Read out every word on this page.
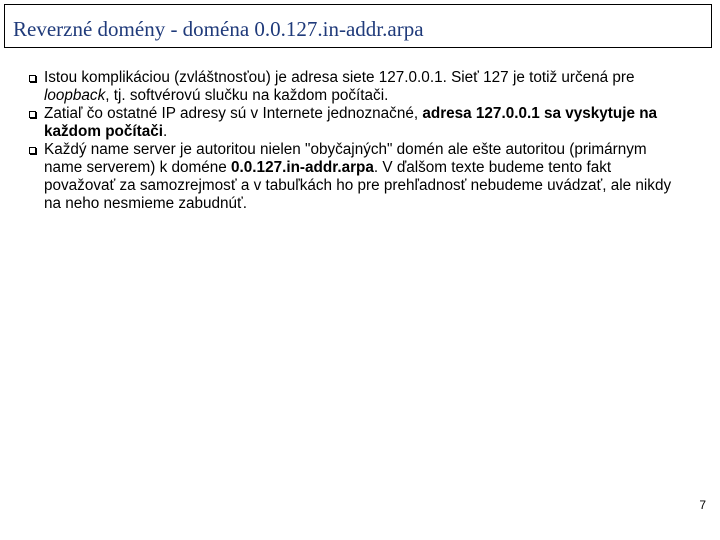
Reverzné domény - doména 0.0.127.in-addr.arpa
Istou komplikáciou (zvláštnosťou) je adresa siete 127.0.0.1. Sieť 127 je totiž určená pre loopback, tj. softvérovú slučku na každom počítači.
Zatiaľ čo ostatné IP adresy sú v Internete jednoznačné, adresa 127.0.0.1 sa vyskytuje na každom počítači.
Každý name server je autoritou nielen "obyčajných" domén ale ešte autoritou (primárnym name serverem) k doméne 0.0.127.in-addr.arpa. V ďalšom texte budeme tento fakt považovať za samozrejmosť a v tabuľkách ho pre prehľadnosť nebudeme uvádzať, ale nikdy na neho nesmieme zabudnúť.
7
